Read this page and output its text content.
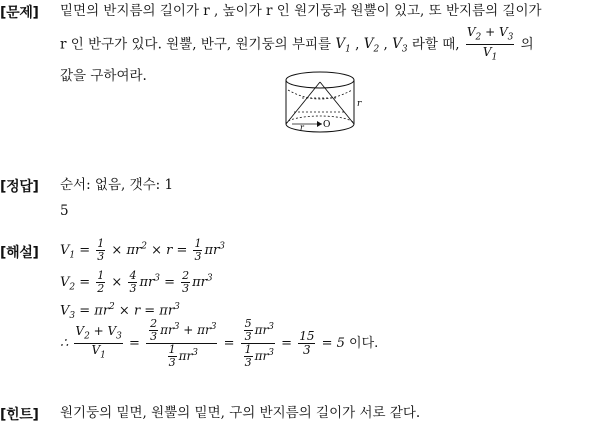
[문제] 밑면의 반지름의 길이가 r , 높이가 r 인 원기둥과 원뿔이 있고, 또 반지름의 길이가
r 인 반구가 있다. 원뿔, 반구, 원기둥의 부피를 $V_1$ , $V_2$ , $V_3$ 라할 때, $\frac{V_2 + V_3}{V_1}$ 의
값을 구하여라.
O
r
r
[정답] 순서: 없음, 갯수: 1
5
[해설] $V_1 = \frac{1}{3} \times \pi r^2 \times r = \frac{1}{3} \pi r^3$
$V_2 = \frac{1}{2} \times \frac{4}{3} \pi r^3 = \frac{2}{3} \pi r^3$
$V_3 = \pi r^2 \times r = \pi r^3$
∴ $\frac{V_2 + V_3}{V_1} = \frac{\frac{2}{3} \pi r^3 + \pi r^3}{\frac{1}{3} \pi r^3} = \frac{\frac{5}{3} \pi r^3}{\frac{1}{3} \pi r^3} = \frac{15}{3} = 5$ 이다.
[힌트] 원기둥의 밑면, 원뿔의 밑면, 구의 반지름의 길이가 서로 같다.
